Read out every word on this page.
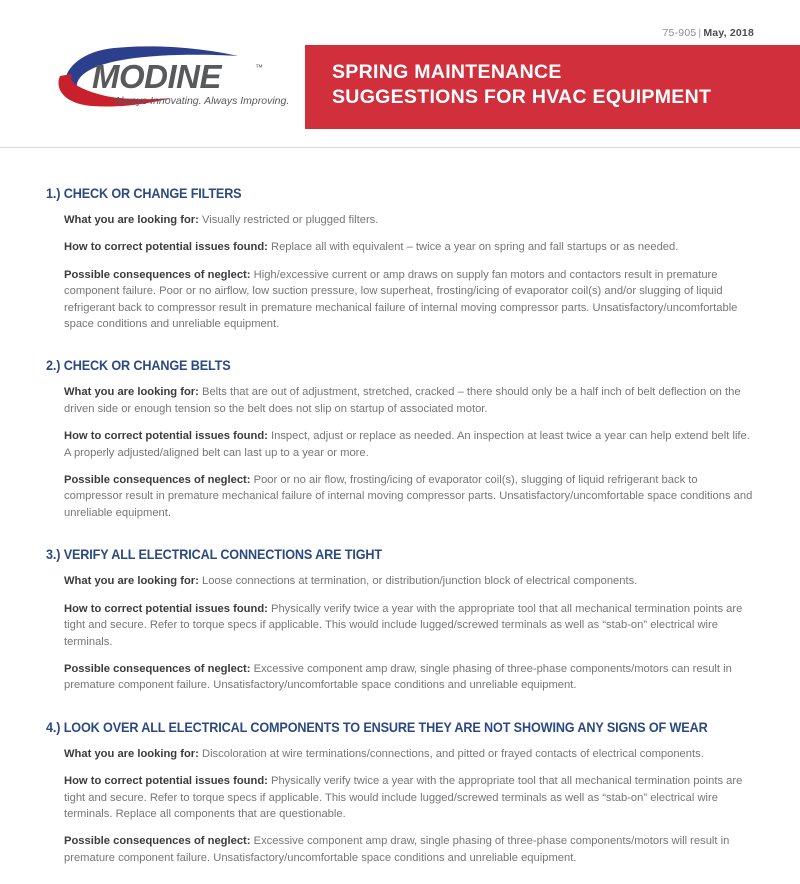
75-905 | May, 2018
MODINE	™
Always Innovating. Always Improving.
SPRING MAINTENANCE
SUGGESTIONS FOR HVAC EQUIPMENT
1.) CHECK OR CHANGE FILTERS

What you are looking for: Visually restricted or plugged filters.

How to correct potential issues found: Replace all with equivalent – twice a year on spring and fall startups or as needed.

Possible consequences of neglect: High/excessive current or amp draws on supply fan motors and contactors result in premature component failure. Poor or no airflow, low suction pressure, low superheat, frosting/icing of evaporator coil(s) and/or slugging of liquid refrigerant back to compressor result in premature mechanical failure of internal moving compressor parts. Unsatisfactory/uncomfortable space conditions and unreliable equipment.

2.) CHECK OR CHANGE BELTS

What you are looking for: Belts that are out of adjustment, stretched, cracked – there should only be a half inch of belt deflection on the driven side or enough tension so the belt does not slip on startup of associated motor.

How to correct potential issues found: Inspect, adjust or replace as needed. An inspection at least twice a year can help extend belt life. A properly adjusted/aligned belt can last up to a year or more.

Possible consequences of neglect: Poor or no air flow, frosting/icing of evaporator coil(s), slugging of liquid refrigerant back to compressor result in premature mechanical failure of internal moving compressor parts. Unsatisfactory/uncomfortable space conditions and unreliable equipment.

3.) VERIFY ALL ELECTRICAL CONNECTIONS ARE TIGHT

What you are looking for: Loose connections at termination, or distribution/junction block of electrical components.

How to correct potential issues found: Physically verify twice a year with the appropriate tool that all mechanical termination points are tight and secure. Refer to torque specs if applicable. This would include lugged/screwed terminals as well as “stab-on” electrical wire terminals.

Possible consequences of neglect: Excessive component amp draw, single phasing of three-phase components/motors can result in premature component failure. Unsatisfactory/uncomfortable space conditions and unreliable equipment.

4.) LOOK OVER ALL ELECTRICAL COMPONENTS TO ENSURE THEY ARE NOT SHOWING ANY SIGNS OF WEAR

What you are looking for: Discoloration at wire terminations/connections, and pitted or frayed contacts of electrical components.

How to correct potential issues found: Physically verify twice a year with the appropriate tool that all mechanical termination points are tight and secure. Refer to torque specs if applicable. This would include lugged/screwed terminals as well as “stab-on” electrical wire terminals. Replace all components that are questionable.

Possible consequences of neglect: Excessive component amp draw, single phasing of three-phase components/motors will result in premature component failure. Unsatisfactory/uncomfortable space conditions and unreliable equipment.
